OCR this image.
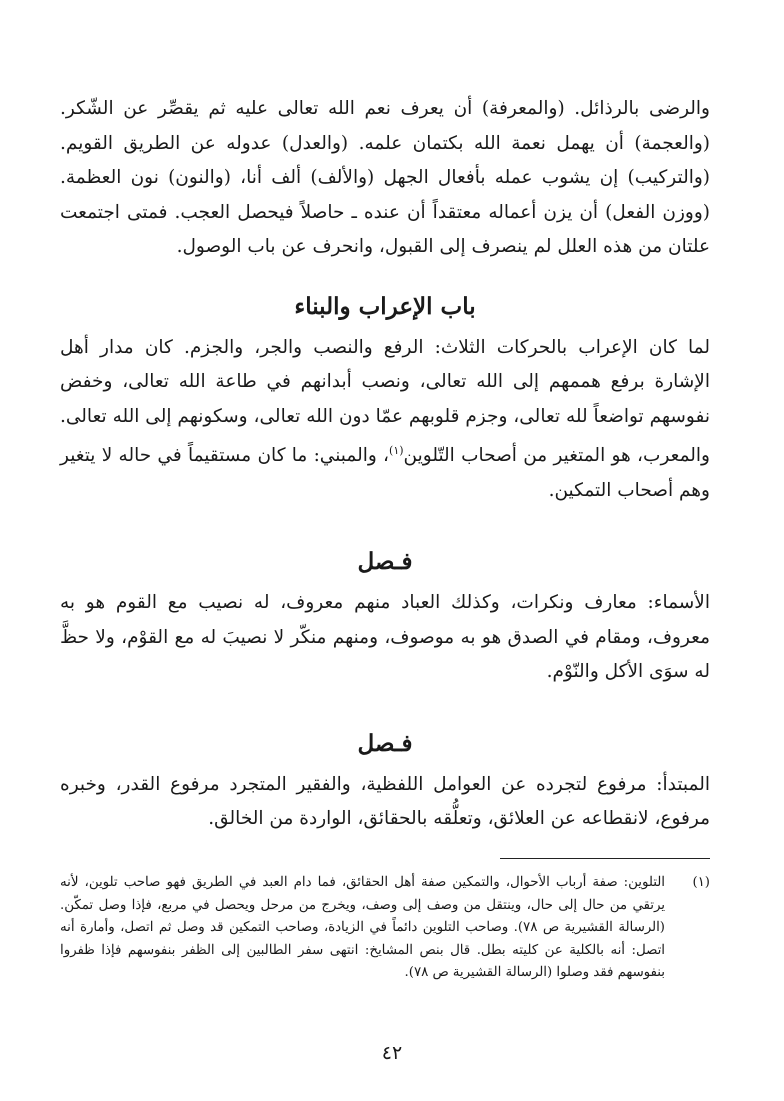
والرضى بالرذائل. (والمعرفة) أن يعرف نعم الله تعالى عليه ثم يقصِّر عن الشّكر. (والعجمة) أن يهمل نعمة الله بكتمان علمه. (والعدل) عدوله عن الطريق القويم. (والتركيب) إن يشوب عمله بأفعال الجهل (والألف) ألف أنا، (والنون) نون العظمة. (ووزن الفعل) أن يزن أعماله معتقداً أن عنده ـ حاصلاً فيحصل العجب. فمتى اجتمعت علتان من هذه العلل لم ينصرف إلى القبول، وانحرف عن باب الوصول.

باب الإعراب والبناء

لما كان الإعراب بالحركات الثلاث: الرفع والنصب والجر، والجزم. كان مدار أهل الإشارة برفع هممهم إلى الله تعالى، ونصب أبدانهم في طاعة الله تعالى، وخفض نفوسهم تواضعاً لله تعالى، وجزم قلوبهم عمّا دون الله تعالى، وسكونهم إلى الله تعالى. والمعرب، هو المتغير من أصحاب التّلوين$^{(١)}$، والمبني: ما كان مستقيماً في حاله لا يتغير وهم أصحاب التمكين.

فـصل

الأسماء: معارف ونكرات، وكذلك العباد منهم معروف، له نصيب مع القوم هو به معروف، ومقام في الصدق هو به موصوف، ومنهم منكّر لا نصيبَ له مع القوْم، ولا حظَّ له سوَى الأكل والنّوْم.

فـصل

المبتدأ: مرفوع لتجرده عن العوامل اللفظية، والفقير المتجرد مرفوع القدر، وخبره مرفوع، لانقطاعه عن العلائق، وتعلُّقه بالحقائق، الواردة من الخالق.

(١)

التلوين: صفة أرباب الأحوال، والتمكين صفة أهل الحقائق، فما دام العبد في الطريق فهو صاحب تلوين، لأنه يرتقي من حال إلى حال، وينتقل من وصف إلى وصف، ويخرج من مرحل ويحصل في مربع، فإذا وصل تمكّن. (الرسالة القشيرية ص ٧٨). وصاحب التلوين دائماً في الزيادة، وصاحب التمكين قد وصل ثم اتصل، وأمارة أنه اتصل: أنه بالكلية عن كليته بطل. قال بنص المشايخ: انتهى سفر الطالبين إلى الظفر بنفوسهم فإذا ظفروا بنفوسهم فقد وصلوا (الرسالة القشيرية ص ٧٨).

٤٢
